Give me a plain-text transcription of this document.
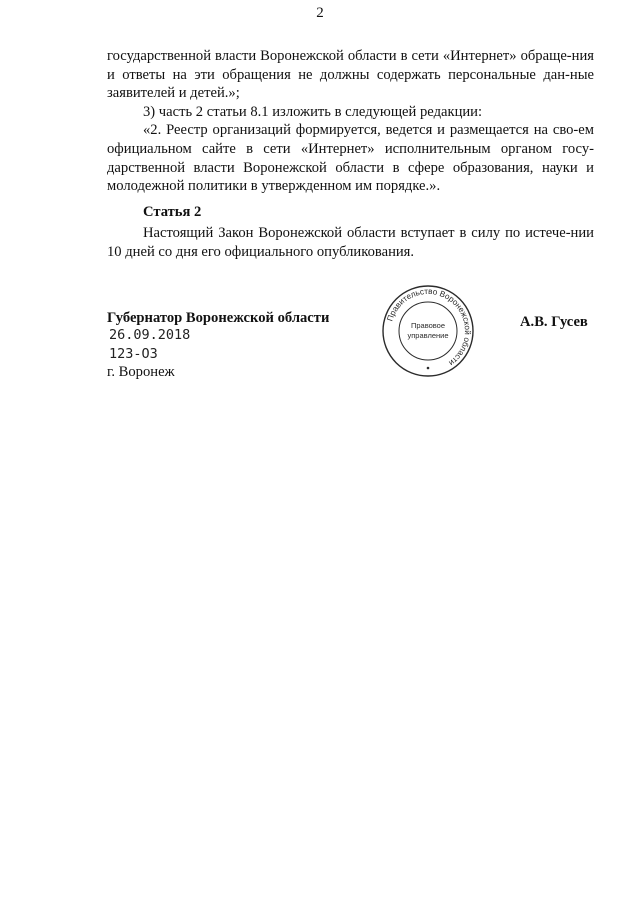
2

государственной власти Воронежской области в сети «Интернет» обраще-ния и ответы на эти обращения не должны содержать персональные дан-ные заявителей и детей.»;

3) часть 2 статьи 8.1 изложить в следующей редакции:

«2. Реестр организаций формируется, ведется и размещается на сво-ем официальном сайте в сети «Интернет» исполнительным органом госу-дарственной власти Воронежской области в сфере образования, науки и молодежной политики в утвержденном им порядке.».

Статья 2

Настоящий Закон Воронежской области вступает в силу по истече-нии 10 дней со дня его официального опубликования.

Губернатор Воронежской области	Правительство Воронежской области
Правовое
управление
А.В. Гусев
26.09.2018
123-ОЗ
г. Воронеж
